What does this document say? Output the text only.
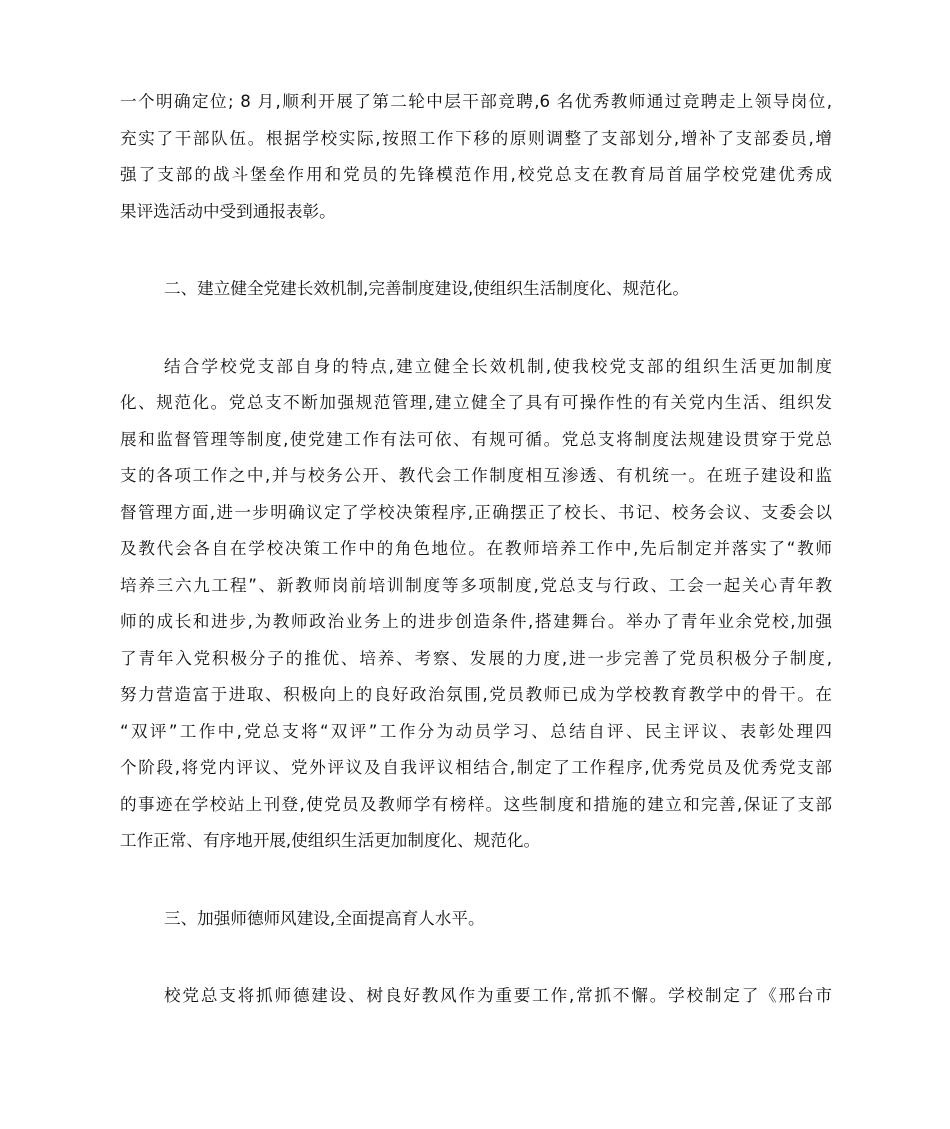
一个明确定位; 8 月,顺利开展了第二轮中层干部竞聘,6 名优秀教师通过竞聘走上领导岗位,
充实了干部队伍。根据学校实际,按照工作下移的原则调整了支部划分,增补了支部委员,增
强了支部的战斗堡垒作用和党员的先锋模范作用,校党总支在教育局首届学校党建优秀成
果评选活动中受到通报表彰。
二、建立健全党建长效机制,完善制度建设,使组织生活制度化、规范化。
结合学校党支部自身的特点,建立健全长效机制,使我校党支部的组织生活更加制度
化、规范化。党总支不断加强规范管理,建立健全了具有可操作性的有关党内生活、组织发
展和监督管理等制度,使党建工作有法可依、有规可循。党总支将制度法规建设贯穿于党总
支的各项工作之中,并与校务公开、教代会工作制度相互渗透、有机统一。在班子建设和监
督管理方面,进一步明确议定了学校决策程序,正确摆正了校长、书记、校务会议、支委会以
及教代会各自在学校决策工作中的角色地位。在教师培养工作中,先后制定并落实了“教师
培养三六九工程”、新教师岗前培训制度等多项制度,党总支与行政、工会一起关心青年教
师的成长和进步,为教师政治业务上的进步创造条件,搭建舞台。举办了青年业余党校,加强
了青年入党积极分子的推优、培养、考察、发展的力度,进一步完善了党员积极分子制度,
努力营造富于进取、积极向上的良好政治氛围,党员教师已成为学校教育教学中的骨干。在
“双评”工作中,党总支将“双评”工作分为动员学习、总结自评、民主评议、表彰处理四
个阶段,将党内评议、党外评议及自我评议相结合,制定了工作程序,优秀党员及优秀党支部
的事迹在学校站上刊登,使党员及教师学有榜样。这些制度和措施的建立和完善,保证了支部
工作正常、有序地开展,使组织生活更加制度化、规范化。
三、加强师德师风建设,全面提高育人水平。
校党总支将抓师德建设、树良好教风作为重要工作,常抓不懈。学校制定了《邢台市
